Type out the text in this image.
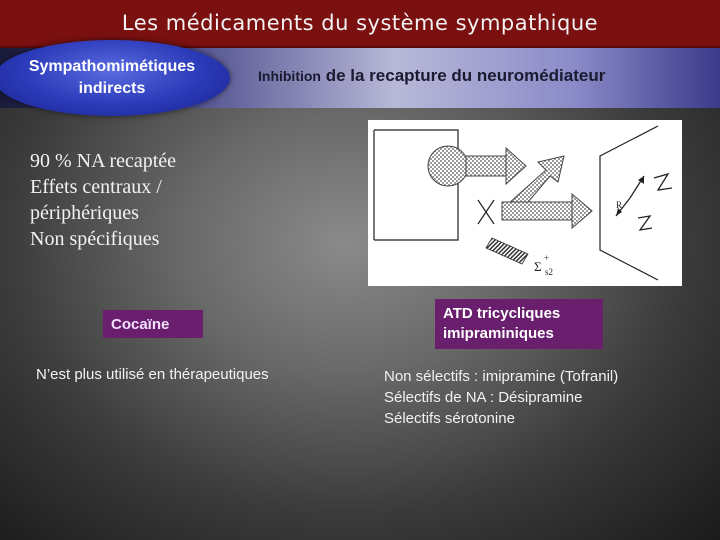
Les médicaments du système sympathique
Sympathomimétiques
indirects
Inhibition de la recapture du neuromédiateur
90 % NA recaptée
Effets centraux /
périphériques
Non spécifiques
R
Σ
+
s2
Cocaïne
N’est plus utilisé en thérapeutiques
ATD tricycliques
imipraminiques
Non sélectifs : imipramine (Tofranil)
Sélectifs de NA : Désipramine
Sélectifs sérotonine
